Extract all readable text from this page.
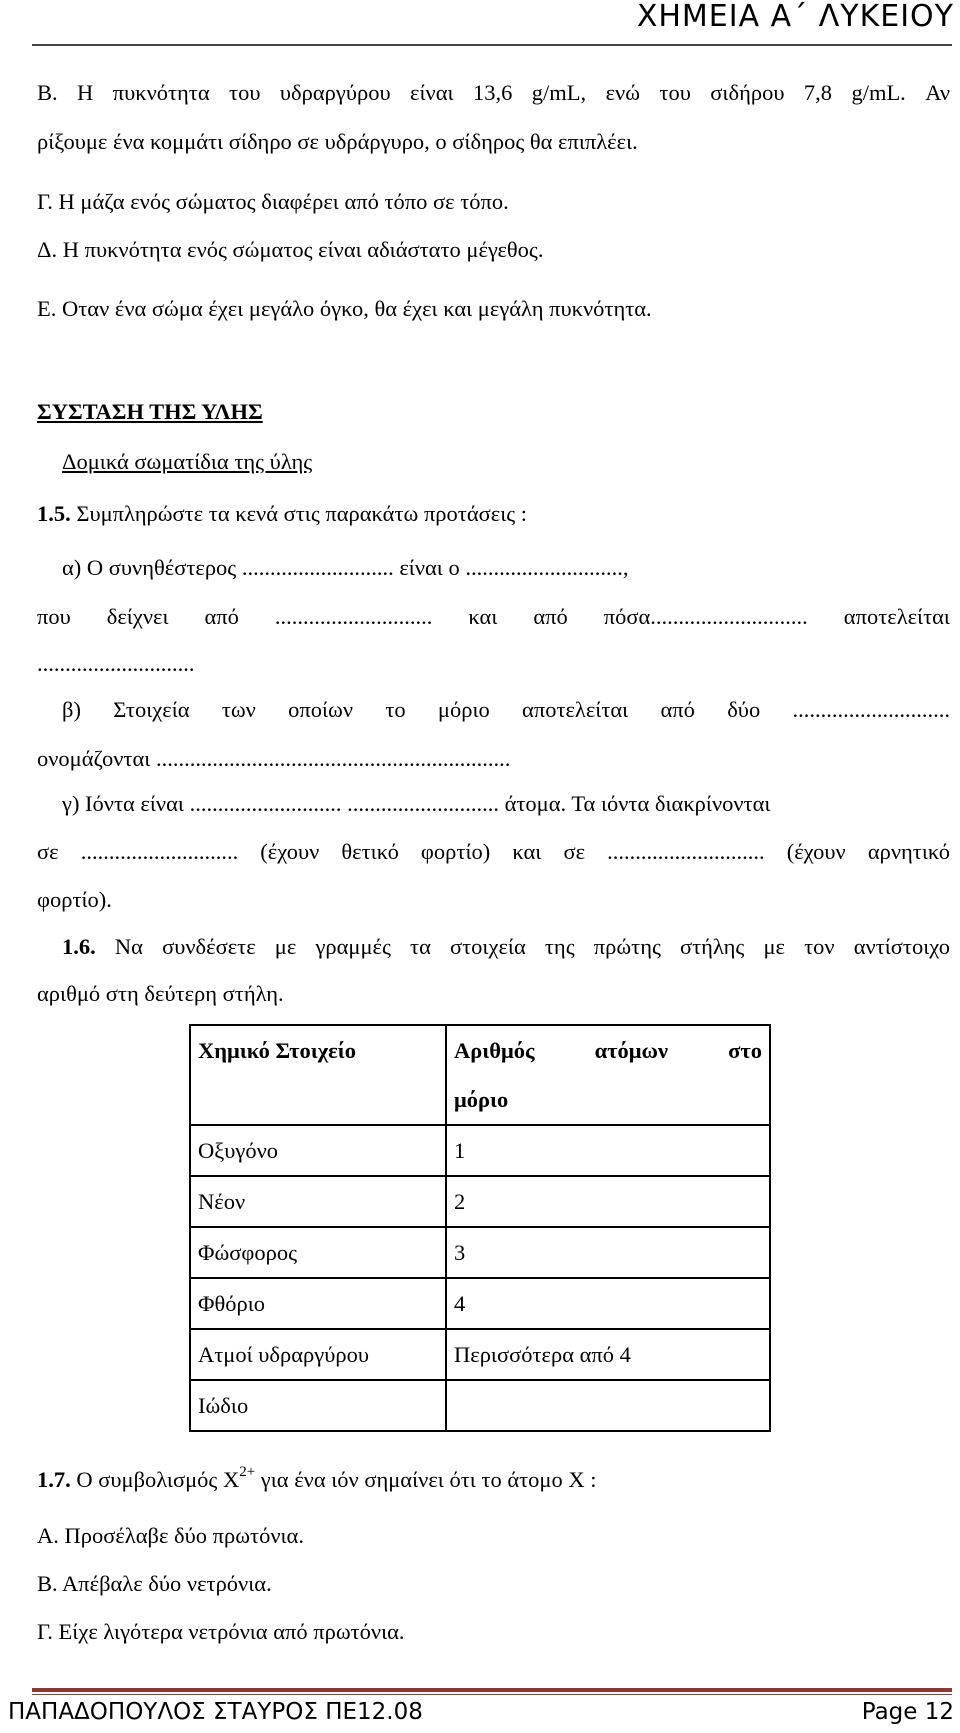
ΧΗΜΕΙΑ Α΄ ΛΥΚΕΙΟΥ
Β. Η πυκνότητα του υδραργύρου είναι 13,6 g/mL, ενώ του σιδήρου 7,8 g/mL. Αν
ρίξουμε ένα κομμάτι σίδηρο σε υδράργυρο, ο σίδηρος θα επιπλέει.
Γ. Η μάζα ενός σώματος διαφέρει από τόπο σε τόπο.
Δ. Η πυκνότητα ενός σώματος είναι αδιάστατο μέγεθος.
Ε. Οταν ένα σώμα έχει μεγάλο όγκο, θα έχει και μεγάλη πυκνότητα.
ΣΥΣΤΑΣΗ ΤΗΣ ΥΛΗΣ
Δομικά σωματίδια της ύλης
1.5. Συμπληρώστε τα κενά στις παρακάτω προτάσεις :
α) Ο συνηθέστερος ........................... είναι ο ............................,
που δείχνει από ............................ και από πόσα............................ αποτελείται
............................
β) Στοιχεία των οποίων το μόριο αποτελείται από δύο ............................
ονομάζονται ...............................................................
γ) Ιόντα είναι ........................... ........................... άτομα. Τα ιόντα διακρίνονται
σε ............................ (έχουν θετικό φορτίο) και σε ............................ (έχουν αρνητικό
φορτίο).
1.6. Να συνδέσετε με γραμμές τα στοιχεία της πρώτης στήλης με τον αντίστοιχο
αριθμό στη δεύτερη στήλη.
Χημικό Στοιχείο	Αριθμός ατόμων στο
μόριο

Οξυγόνο	1
Νέον	2
Φώσφορος	3
Φθόριο	4
Ατμοί υδραργύρου	Περισσότερα από 4
Ιώδιο	
1.7. Ο συμβολισμός $X^{2+}$ για ένα ιόν σημαίνει ότι το άτομο Χ :
Α. Προσέλαβε δύο πρωτόνια.
Β. Απέβαλε δύο νετρόνια.
Γ. Είχε λιγότερα νετρόνια από πρωτόνια.
ΠΑΠΑΔΟΠΟΥΛΟΣ ΣΤΑΥΡΟΣ ΠΕ12.08	Page 12
